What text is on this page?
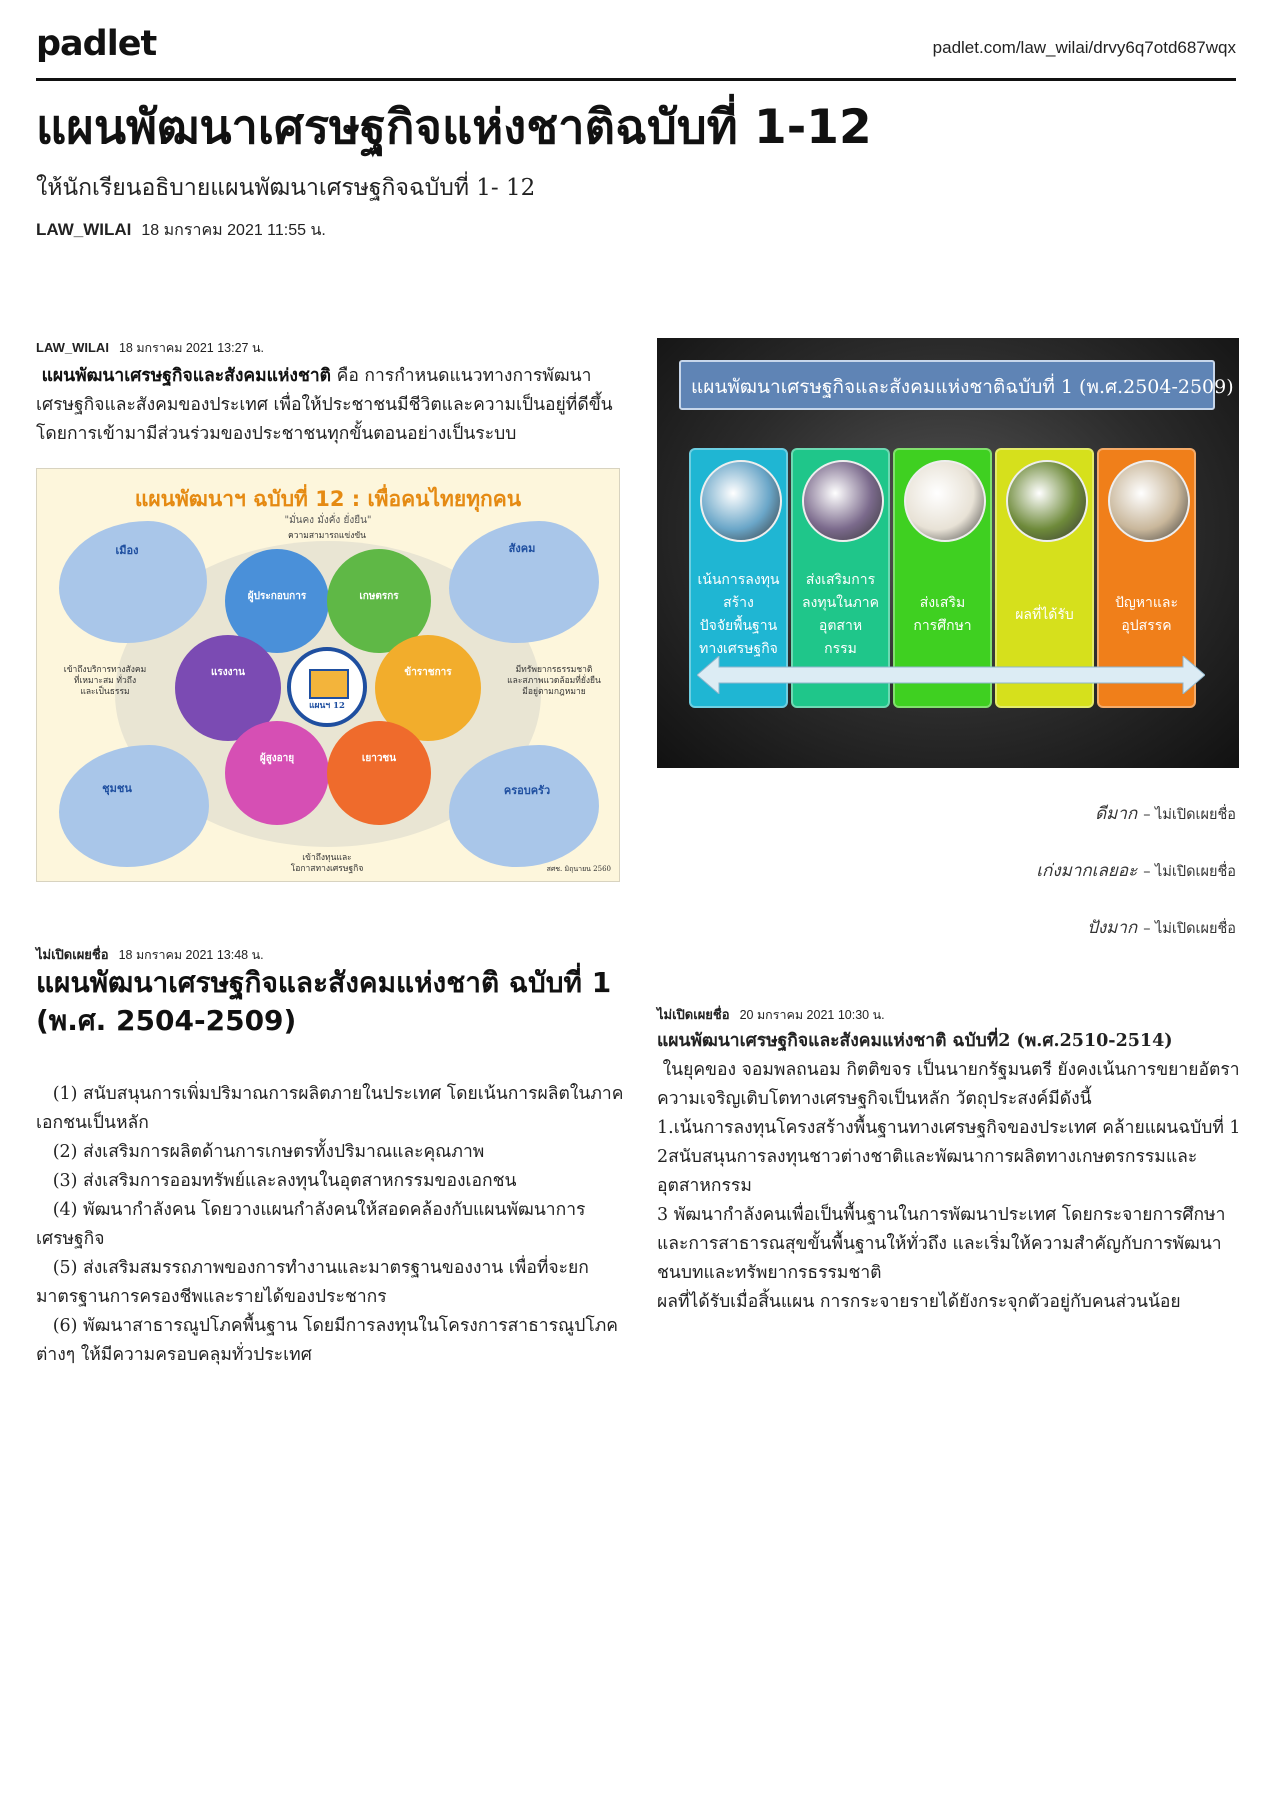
padlet	padlet.com/law_wilai/drvy6q7otd687wqx
แผนพัฒนาเศรษฐกิจแห่งชาติฉบับที่ 1-12
ให้นักเรียนอธิบายแผนพัฒนาเศรษฐกิจฉบับที่ 1- 12
LAW_WILAI 18 มกราคม 2021 11:55 น.
LAW_WILAI 18 มกราคม 2021 13:27 น.
แผนพัฒนาเศรษฐกิจและสังคมแห่งชาติ คือ การกำหนดแนวทางการพัฒนา
เศรษฐกิจและสังคมของประเทศ เพื่อให้ประชาชนมีชีวิตและความเป็นอยู่ที่ดีขึ้น
โดยการเข้ามามีส่วนร่วมของประชาชนทุกขั้นตอนอย่างเป็นระบบ
แผนพัฒนาฯ ฉบับที่ 12 : เพื่อคนไทยทุกคน
"มั่นคง มั่งคั่ง ยั่งยืน"
ความสามารถแข่งขัน
เข้าถึงทุนและ
โอกาสทางเศรษฐกิจ
เข้าถึงบริการทางสังคม
ที่เหมาะสม ทั่วถึง
และเป็นธรรม
มีทรัพยากรธรรมชาติ
และสภาพแวดล้อมที่ยั่งยืน
มีอยู่ตามกฎหมาย
เมือง	สังคม
ชุมชน	ครอบครัว
ผู้ประกอบการ	เกษตรกร
แรงงาน	ข้าราชการ
ผู้สูงอายุ	เยาวชน
แผนฯ 12
สศช. มิถุนายน 2560
แผนพัฒนาเศรษฐกิจและสังคมแห่งชาติฉบับที่ 1 (พ.ศ.2504-2509)
เน้นการลงทุน
สร้าง
ปัจจัยพื้นฐาน
ทางเศรษฐกิจ
ส่งเสริมการ
ลงทุนในภาค
อุตสาห
กรรม
ส่งเสริม
การศึกษา
ผลที่ได้รับ
ปัญหาและ
อุปสรรค
ดีมาก – ไม่เปิดเผยชื่อ
เก่งมากเลยอะ – ไม่เปิดเผยชื่อ
ปังมาก – ไม่เปิดเผยชื่อ
ไม่เปิดเผยชื่อ 18 มกราคม 2021 13:48 น.
แผนพัฒนาเศรษฐกิจและสังคมแห่งชาติ ฉบับที่ 1
(พ.ศ. 2504-2509)
(1) สนับสนุนการเพิ่มปริมาณการผลิตภายในประเทศ โดยเน้นการผลิตในภาค
เอกชนเป็นหลัก
(2) ส่งเสริมการผลิตด้านการเกษตรทั้งปริมาณและคุณภาพ
(3) ส่งเสริมการออมทรัพย์และลงทุนในอุตสาหกรรมของเอกชน
(4) พัฒนากำลังคน โดยวางแผนกำลังคนให้สอดคล้องกับแผนพัฒนาการ
เศรษฐกิจ
(5) ส่งเสริมสมรรถภาพของการทำงานและมาตรฐานของงาน เพื่อที่จะยก
มาตรฐานการครองชีพและรายได้ของประชากร
(6) พัฒนาสาธารณูปโภคพื้นฐาน โดยมีการลงทุนในโครงการสาธารณูปโภค
ต่างๆ ให้มีความครอบคลุมทั่วประเทศ
ไม่เปิดเผยชื่อ 20 มกราคม 2021 10:30 น.
แผนพัฒนาเศรษฐกิจและสังคมแห่งชาติ ฉบับที่2 (พ.ศ.2510-2514)
ในยุคของ จอมพลถนอม กิตติขจร เป็นนายกรัฐมนตรี ยังคงเน้นการขยายอัตรา
ความเจริญเติบโตทางเศรษฐกิจเป็นหลัก วัตถุประสงค์มีดังนี้
1.เน้นการลงทุนโครงสร้างพื้นฐานทางเศรษฐกิจของประเทศ คล้ายแผนฉบับที่ 1
2สนับสนุนการลงทุนชาวต่างชาติและพัฒนาการผลิตทางเกษตรกรรมและ
อุตสาหกรรม
3 พัฒนากำลังคนเพื่อเป็นพื้นฐานในการพัฒนาประเทศ โดยกระจายการศึกษา
และการสาธารณสุขขั้นพื้นฐานให้ทั่วถึง และเริ่มให้ความสำคัญกับการพัฒนา
ชนบทและทรัพยากรธรรมชาติ
ผลที่ได้รับเมื่อสิ้นแผน การกระจายรายได้ยังกระจุกตัวอยู่กับคนส่วนน้อย
